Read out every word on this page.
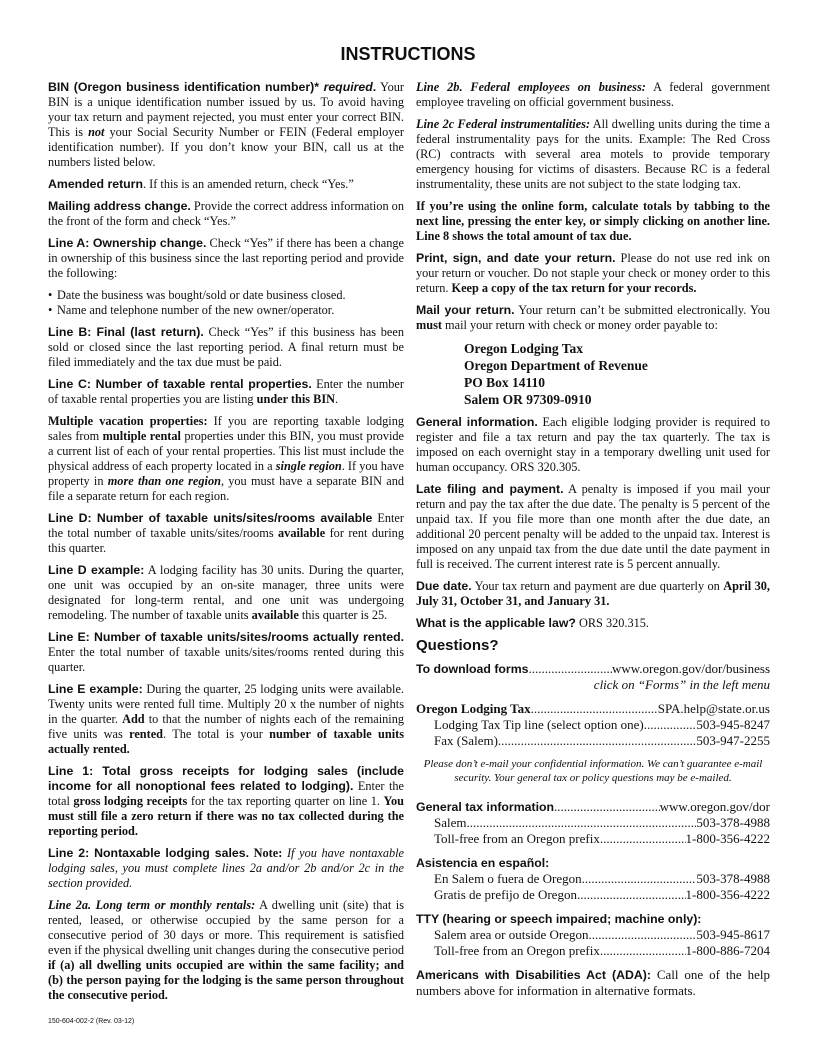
INSTRUCTIONS

BIN (Oregon business identification number)* required. Your BIN is a unique identification number issued by us. To avoid having your tax return and payment rejected, you must enter your correct BIN. This is not your Social Security Number or FEIN (Federal employer identification number). If you don’t know your BIN, call us at the numbers listed below.

Amended return. If this is an amended return, check “Yes.”

Mailing address change. Provide the correct address information on the front of the form and check “Yes.”

Line A: Ownership change. Check “Yes” if there has been a change in ownership of this business since the last reporting period and provide the following:

• Date the business was bought/sold or date business closed.
• Name and telephone number of the new owner/operator.

Line B: Final (last return). Check “Yes” if this business has been sold or closed since the last reporting period. A final return must be filed immediately and the tax due must be paid.

Line C: Number of taxable rental properties. Enter the number of taxable rental properties you are listing under this BIN.

Multiple vacation properties: If you are reporting taxable lodging sales from multiple rental properties under this BIN, you must provide a current list of each of your rental properties. This list must include the physical address of each property located in a single region. If you have property in more than one region, you must have a separate BIN and file a separate return for each region.

Line D: Number of taxable units/sites/rooms available Enter the total number of taxable units/sites/rooms available for rent during this quarter.

Line D example: A lodging facility has 30 units. During the quarter, one unit was occupied by an on-site manager, three units were designated for long-term rental, and one unit was undergoing remodeling. The number of taxable units available this quarter is 25.

Line E: Number of taxable units/sites/rooms actually rented. Enter the total number of taxable units/sites/rooms rented during this quarter.

Line E example: During the quarter, 25 lodging units were available. Twenty units were rented full time. Multiply 20 x the number of nights in the quarter. Add to that the number of nights each of the remaining five units was rented. The total is your number of taxable units actually rented.

Line 1: Total gross receipts for lodging sales (include income for all nonoptional fees related to lodging). Enter the total gross lodging receipts for the tax reporting quarter on line 1. You must still file a zero return if there was no tax collected during the reporting period.

Line 2: Nontaxable lodging sales. Note: If you have nontaxable lodging sales, you must complete lines 2a and/or 2b and/or 2c in the section provided.

Line 2a. Long term or monthly rentals: A dwelling unit (site) that is rented, leased, or otherwise occupied by the same person for a consecutive period of 30 days or more. This requirement is satisfied even if the physical dwelling unit changes during the consecutive period if (a) all dwelling units occupied are within the same facility; and (b) the person paying for the lodging is the same person throughout the consecutive period.

150-604-002-2 (Rev. 03-12)

Line 2b. Federal employees on business: A federal government employee traveling on official government business.

Line 2c Federal instrumentalities: All dwelling units during the time a federal instrumentality pays for the units. Example: The Red Cross (RC) contracts with several area motels to provide temporary emergency housing for victims of disasters. Because RC is a federal instrumentality, these units are not subject to the state lodging tax.

If you’re using the online form, calculate totals by tabbing to the next line, pressing the enter key, or simply clicking on another line. Line 8 shows the total amount of tax due.

Print, sign, and date your return. Please do not use red ink on your return or voucher. Do not staple your check or money order to this return. Keep a copy of the tax return for your records.

Mail your return. Your return can’t be submitted electronically. You must mail your return with check or money order payable to:

Oregon Lodging Tax
Oregon Department of Revenue
PO Box 14110
Salem OR 97309-0910

General information. Each eligible lodging provider is required to register and file a tax return and pay the tax quarterly. The tax is imposed on each overnight stay in a temporary dwelling unit used for human occupancy. ORS 320.305.

Late filing and payment. A penalty is imposed if you mail your return and pay the tax after the due date. The penalty is 5 percent of the unpaid tax. If you file more than one month after the due date, an additional 20 percent penalty will be added to the unpaid tax. Interest is imposed on any unpaid tax from the due date until the date payment in full is received. The current interest rate is 5 percent annually.

Due date. Your tax return and payment are due quarterly on April 30, July 31, October 31, and January 31.

What is the applicable law? ORS 320.315.

Questions?
To download forms .....	www.oregon.gov/dor/business
click on “Forms” in the left menu
Oregon Lodging Tax .....	SPA.help@state.or.us
Lodging Tax Tip line (select option one) .....	503-945-8247
Fax (Salem) .....	503-947-2255
Please don’t e-mail your confidential information. We can’t guarantee e-mail security. Your general tax or policy questions may be e-mailed.
General tax information .....	www.oregon.gov/dor
Salem .....	503-378-4988
Toll-free from an Oregon prefix .....	1-800-356-4222
Asistencia en español:
En Salem o fuera de Oregon .....	503-378-4988
Gratis de prefijo de Oregon .....	1-800-356-4222
TTY (hearing or speech impaired; machine only):
Salem area or outside Oregon .....	503-945-8617
Toll-free from an Oregon prefix .....	1-800-886-7204
Americans with Disabilities Act (ADA): Call one of the help numbers above for information in alternative formats.
